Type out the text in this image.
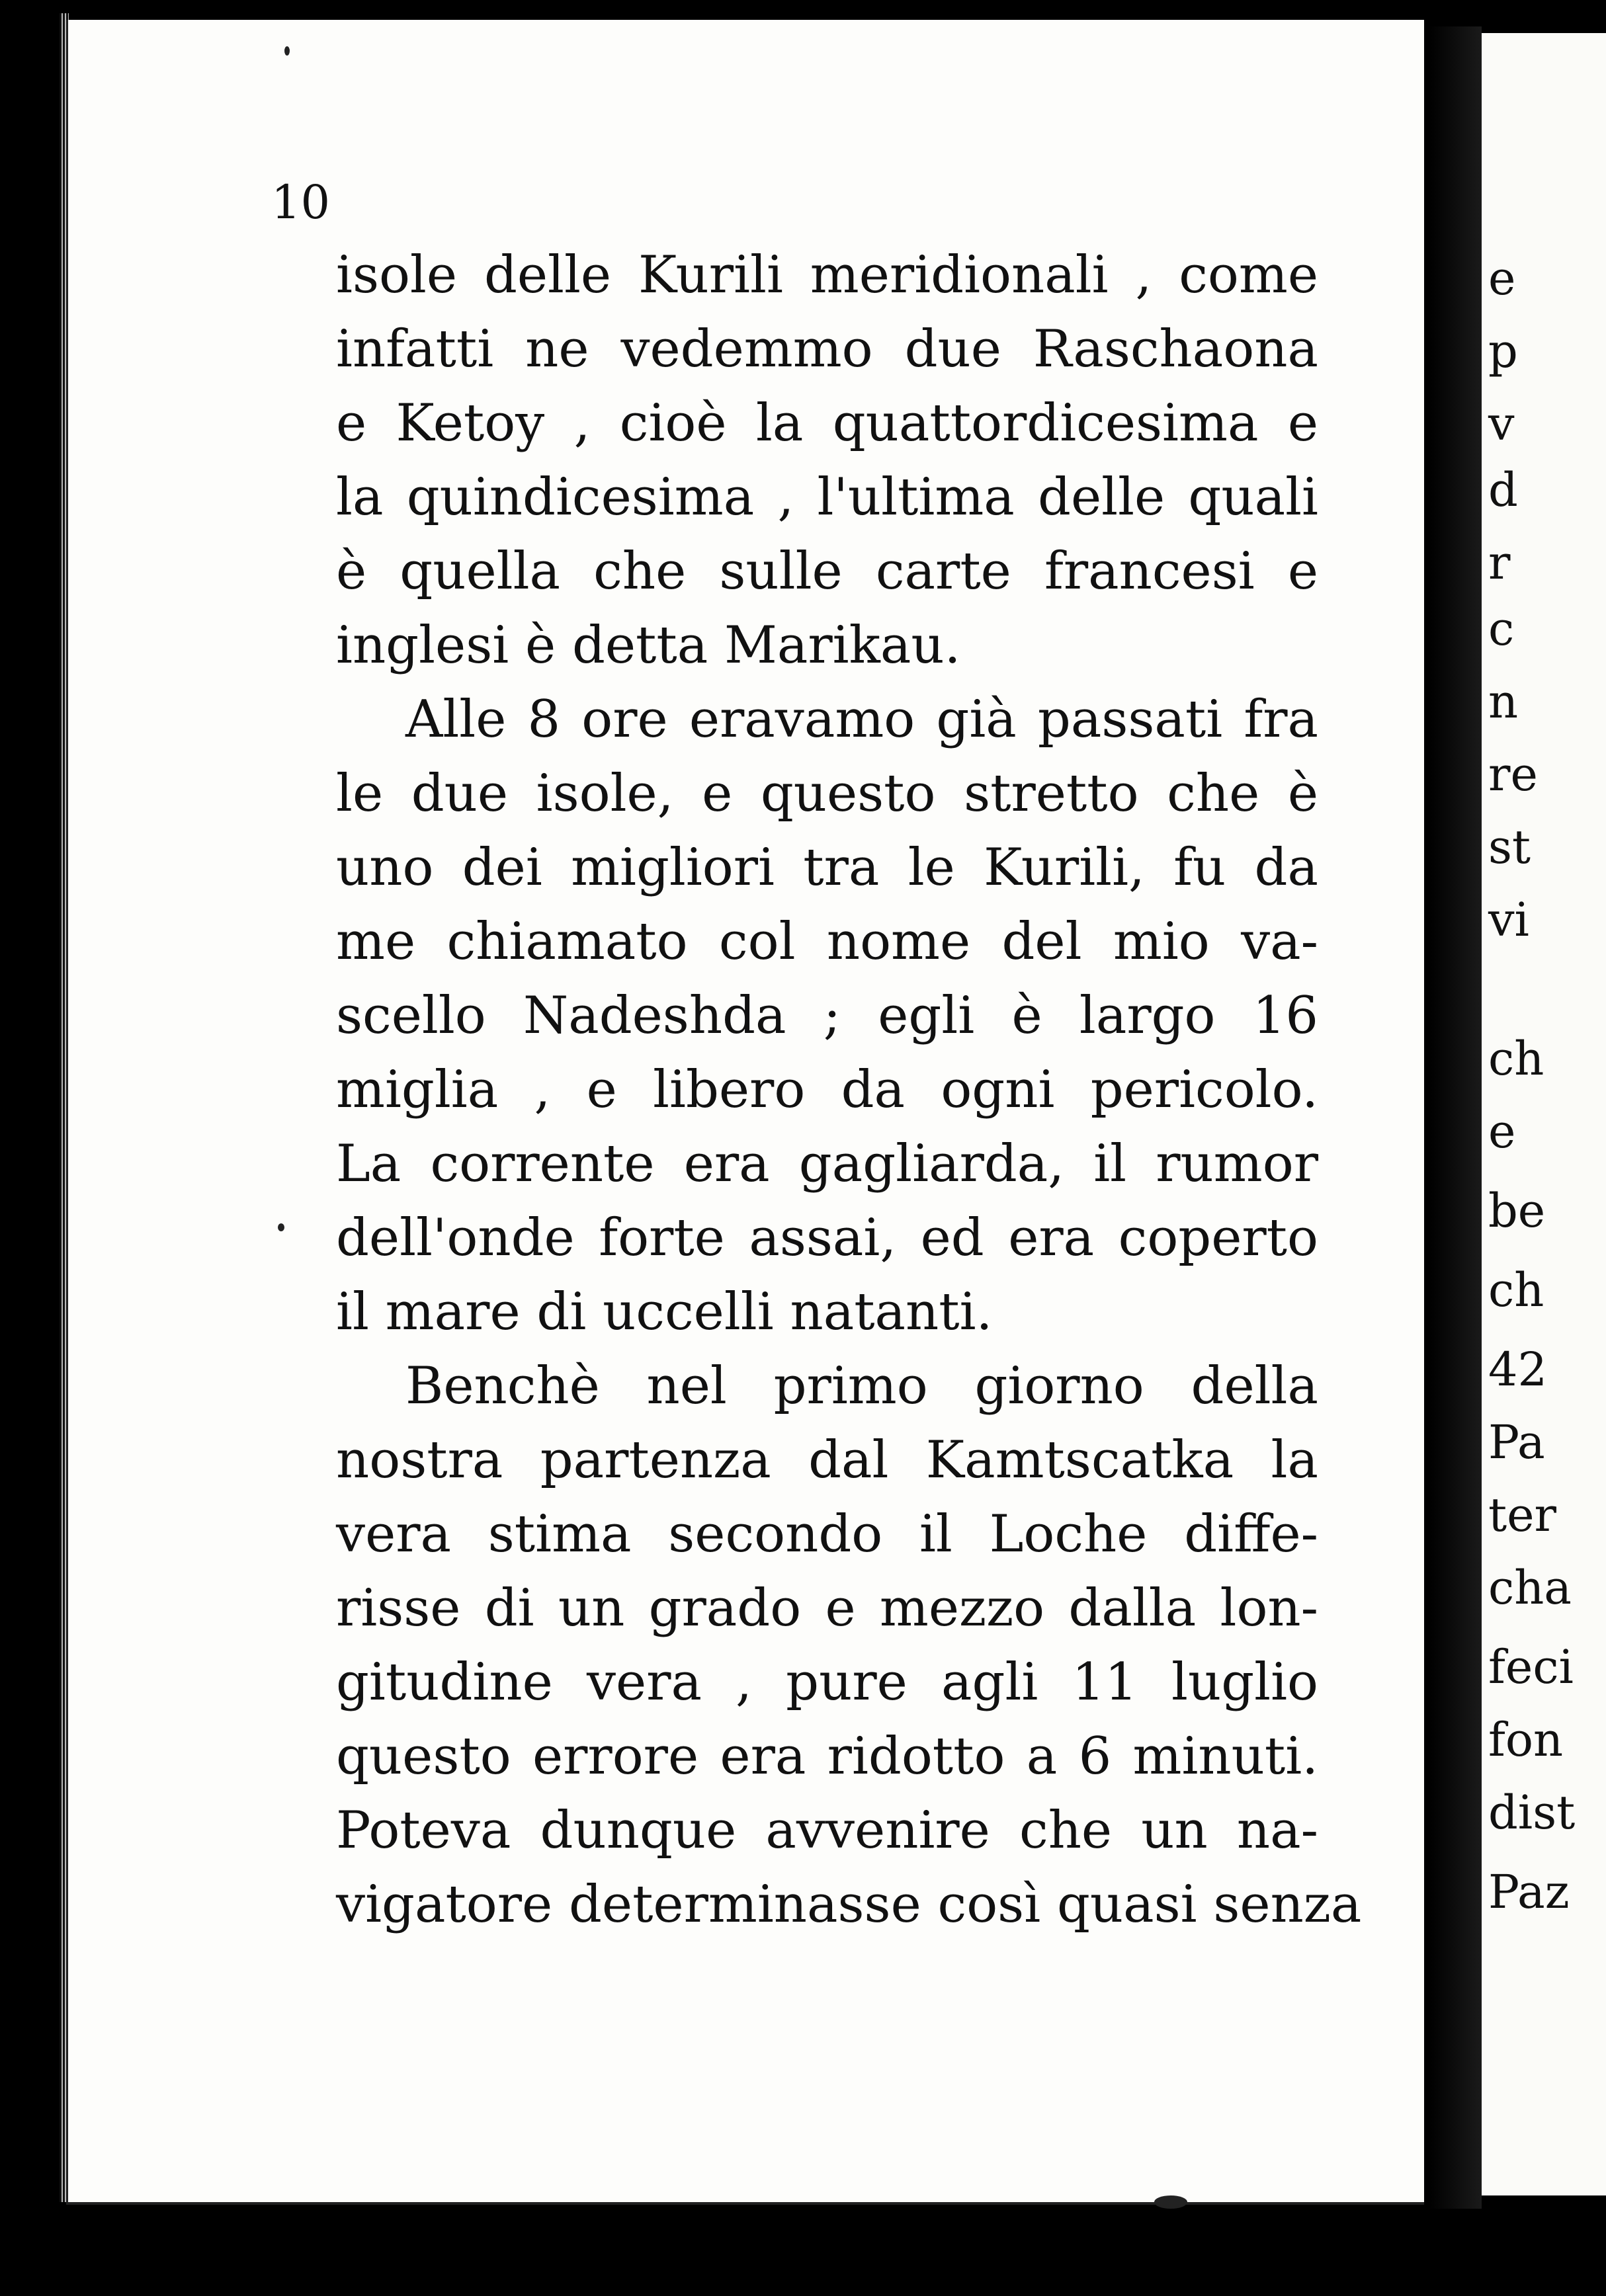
10
isole delle Kurili meridionali , come
infatti ne vedemmo due Raschaona
e Ketoy , cioè la quattordicesima e
la quindicesima , l'ultima delle quali
è quella che sulle carte francesi e
inglesi è detta Marikau.
Alle 8 ore eravamo già passati fra
le due isole, e questo stretto che è
uno dei migliori tra le Kurili, fu da
me chiamato col nome del mio va-
scello Nadeshda ; egli è largo 16
miglia , e libero da ogni pericolo.
La corrente era gagliarda, il rumor
dell'onde forte assai, ed era coperto
il mare di uccelli natanti.
Benchè nel primo giorno della
nostra partenza dal Kamtscatka la
vera stima secondo il Loche diffe-
risse di un grado e mezzo dalla lon-
gitudine vera , pure agli 11 luglio
questo errore era ridotto a 6 minuti.
Poteva dunque avvenire che un na-
vigatore determinasse così quasi senza
e
p
v
d
r
c
n
re
st
vi
ch
e
be
ch
42
Pa
ter
cha
feci
fon
dist
Paz
